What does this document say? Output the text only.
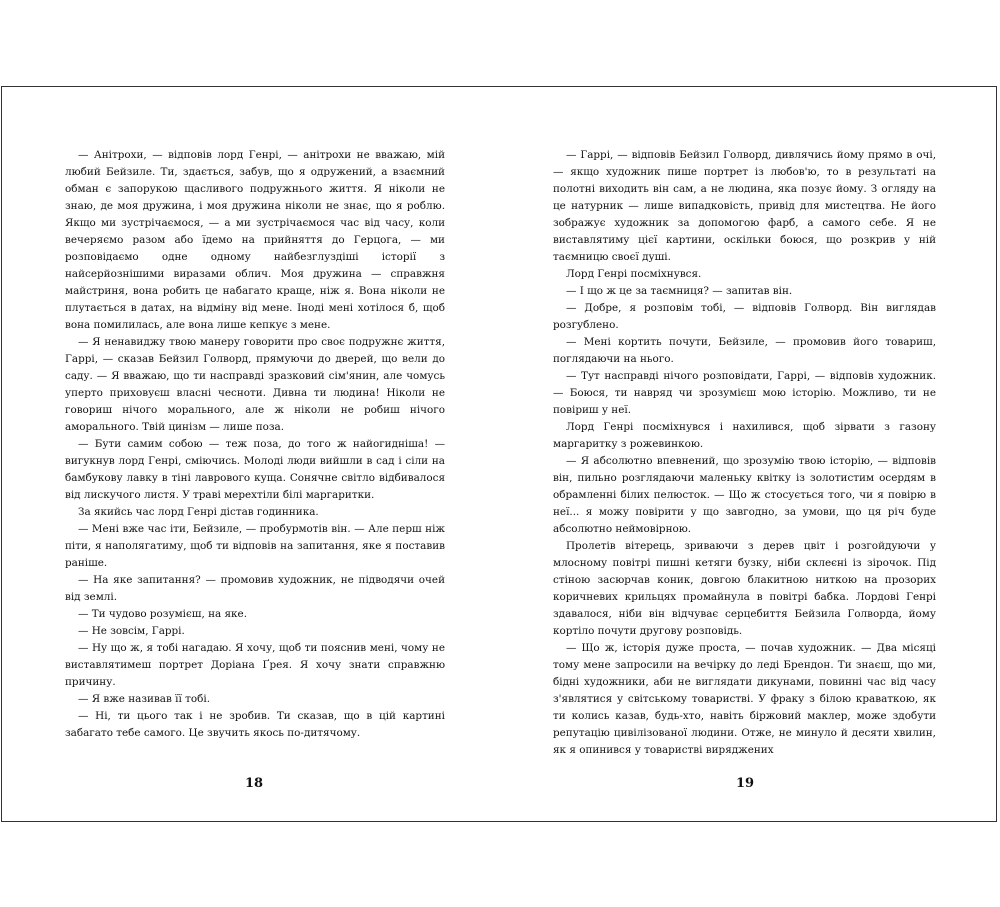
— Анітрохи, — відповів лорд Генрі, — анітрохи не вважаю, мій любий Бейзиле. Ти, здається, забув, що я одружений, а взаємний обман є запорукою щасливого подружнього життя. Я ніколи не знаю, де моя дружина, і моя дружина ніколи не знає, що я роблю. Якщо ми зустрічаємося, — а ми зустрічаємося час від часу, коли вечеряємо разом або їдемо на прийняття до Герцога, — ми розповідаємо одне одному найбезглуздіші історії з найсерйознішими виразами облич. Моя дружина — справжня майстриня, вона робить це набагато краще, ніж я. Вона ніколи не плутається в датах, на відміну від мене. Іноді мені хотілося б, щоб вона помилилась, але вона лише кепкує з мене.

— Я ненавиджу твою манеру говорити про своє подружнє життя, Гаррі, — сказав Бейзил Голворд, прямуючи до дверей, що вели до саду. — Я вважаю, що ти насправді зразковий сім'янин, але чомусь уперто приховуєш власні чесноти. Дивна ти людина! Ніколи не говориш нічого морального, але ж ніколи не робиш нічого аморального. Твій цинізм — лише поза.

— Бути самим собою — теж поза, до того ж найогидніша! — вигукнув лорд Генрі, сміючись. Молоді люди вийшли в сад і сіли на бамбукову лавку в тіні лаврового куща. Сонячне світло відбивалося від лискучого листя. У траві мерехтіли білі маргаритки.

За якийсь час лорд Генрі дістав годинника.

— Мені вже час іти, Бейзиле, — пробурмотів він. — Але перш ніж піти, я наполягатиму, щоб ти відповів на запитання, яке я поставив раніше.

— На яке запитання? — промовив художник, не підводячи очей від землі.

— Ти чудово розумієш, на яке.

— Не зовсім, Гаррі.

— Ну що ж, я тобі нагадаю. Я хочу, щоб ти пояснив мені, чому не виставлятимеш портрет Доріана Ґрея. Я хочу знати справжню причину.

— Я вже називав її тобі.

— Ні, ти цього так і не зробив. Ти сказав, що в цій картині забагато тебе самого. Це звучить якось по-дитячому.

— Гаррі, — відповів Бейзил Голворд, дивлячись йому прямо в очі, — якщо художник пише портрет із любов'ю, то в результаті на полотні виходить він сам, а не людина, яка позує йому. З огляду на це натурник — лише випадковість, привід для мистецтва. Не його зображує художник за допомогою фарб, а самого себе. Я не виставлятиму цієї картини, оскільки боюся, що розкрив у ній таємницю своєї душі.

Лорд Генрі посміхнувся.

— І що ж це за таємниця? — запитав він.

— Добре, я розповім тобі, — відповів Голворд. Він виглядав розгублено.

— Мені кортить почути, Бейзиле, — промовив його товариш, поглядаючи на нього.

— Тут насправді нічого розповідати, Гаррі, — відповів художник. — Боюся, ти навряд чи зрозумієш мою історію. Можливо, ти не повіриш у неї.

Лорд Генрі посміхнувся і нахилився, щоб зірвати з газону маргаритку з рожевинкою.

— Я абсолютно впевнений, що зрозумію твою історію, — відповів він, пильно розглядаючи маленьку квітку із золотистим осердям в обрамленні білих пелюсток. — Що ж стосується того, чи я повірю в неї... я можу повірити у що завгодно, за умови, що ця річ буде абсолютно неймовірною.

Пролетів вітерець, зриваючи з дерев цвіт і розгойдуючи у млосному повітрі пишні кетяги бузку, ніби склеєні із зірочок. Під стіною засюрчав коник, довгою блакитною ниткою на прозорих коричневих крильцях промайнула в повітрі бабка. Лордові Генрі здавалося, ніби він відчуває серцебиття Бейзила Голворда, йому кортіло почути другову розповідь.

— Що ж, історія дуже проста, — почав художник. — Два місяці тому мене запросили на вечірку до леді Брендон. Ти знаєш, що ми, бідні художники, аби не виглядати дикунами, повинні час від часу з'являтися у світському товаристві. У фраку з білою краваткою, як ти колись казав, будь-хто, навіть біржовий маклер, може здобути репутацію цивілізованої людини. Отже, не минуло й десяти хвилин, як я опинився у товаристві виряджених

18	19
